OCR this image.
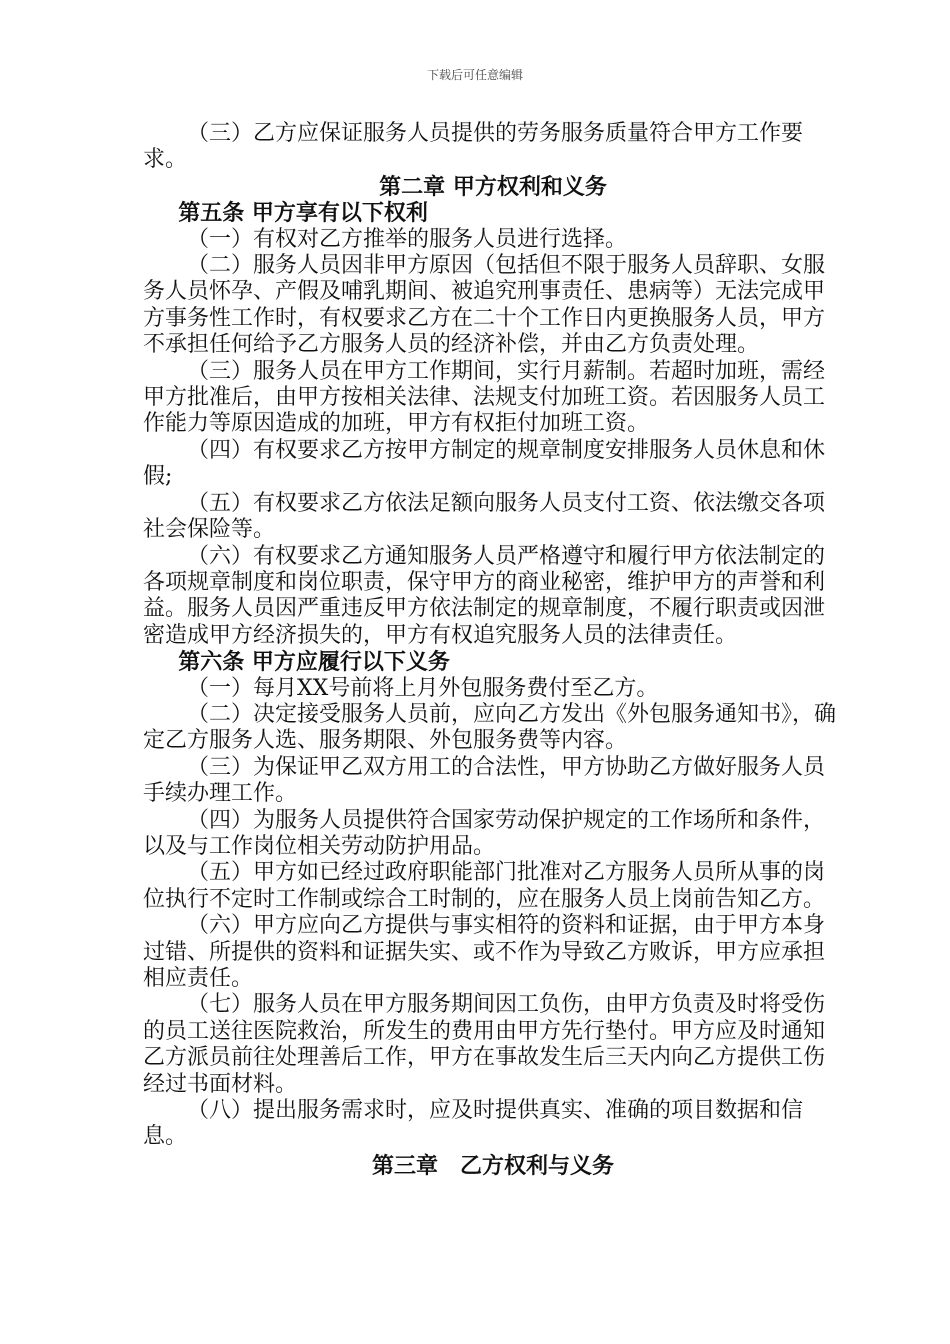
下载后可任意编辑

（三）乙方应保证服务人员提供的劳务服务质量符合甲方工作要求。

第二章 甲方权利和义务

第五条 甲方享有以下权利

（一）有权对乙方推举的服务人员进行选择。

（二）服务人员因非甲方原因（包括但不限于服务人员辞职、女服务人员怀孕、产假及哺乳期间、被追究刑事责任、患病等）无法完成甲方事务性工作时，有权要求乙方在二十个工作日内更换服务人员，甲方不承担任何给予乙方服务人员的经济补偿，并由乙方负责处理。

（三）服务人员在甲方工作期间，实行月薪制。若超时加班，需经甲方批准后，由甲方按相关法律、法规支付加班工资。若因服务人员工作能力等原因造成的加班，甲方有权拒付加班工资。

（四）有权要求乙方按甲方制定的规章制度安排服务人员休息和休假;

（五）有权要求乙方依法足额向服务人员支付工资、依法缴交各项社会保险等。

（六）有权要求乙方通知服务人员严格遵守和履行甲方依法制定的各项规章制度和岗位职责，保守甲方的商业秘密，维护甲方的声誉和利益。服务人员因严重违反甲方依法制定的规章制度，不履行职责或因泄密造成甲方经济损失的，甲方有权追究服务人员的法律责任。

第六条 甲方应履行以下义务

（一）每月XX号前将上月外包服务费付至乙方。

（二）决定接受服务人员前，应向乙方发出《外包服务通知书》，确定乙方服务人选、服务期限、外包服务费等内容。

（三）为保证甲乙双方用工的合法性，甲方协助乙方做好服务人员手续办理工作。

（四）为服务人员提供符合国家劳动保护规定的工作场所和条件，以及与工作岗位相关劳动防护用品。

（五）甲方如已经过政府职能部门批准对乙方服务人员所从事的岗位执行不定时工作制或综合工时制的，应在服务人员上岗前告知乙方。

（六）甲方应向乙方提供与事实相符的资料和证据，由于甲方本身过错、所提供的资料和证据失实、或不作为导致乙方败诉，甲方应承担相应责任。

（七）服务人员在甲方服务期间因工负伤，由甲方负责及时将受伤的员工送往医院救治，所发生的费用由甲方先行垫付。甲方应及时通知乙方派员前往处理善后工作，甲方在事故发生后三天内向乙方提供工伤经过书面材料。

（八）提出服务需求时，应及时提供真实、准确的项目数据和信息。

第三章　乙方权利与义务
